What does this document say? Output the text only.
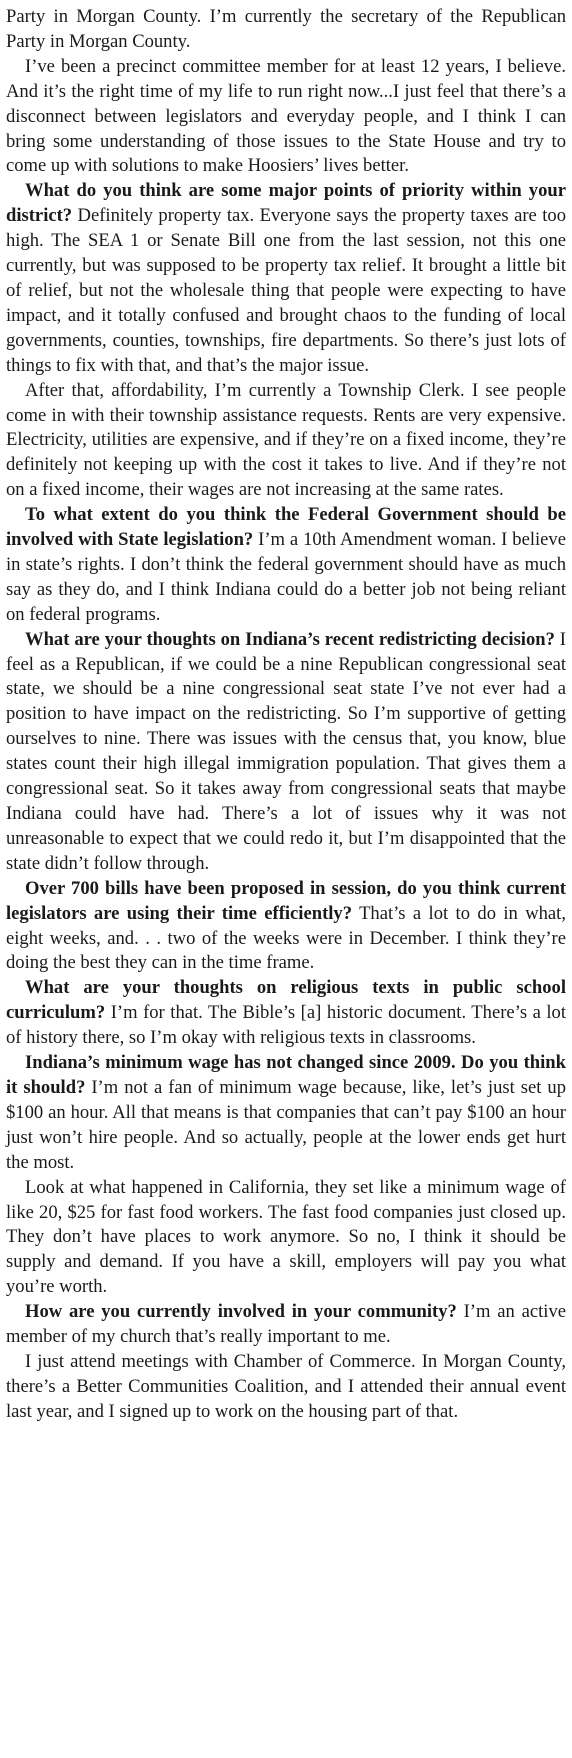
Party in Morgan County. I’m currently the secretary of the Republican Party in Morgan County.

I’ve been a precinct committee member for at least 12 years, I believe. And it’s the right time of my life to run right now...I just feel that there’s a disconnect between legislators and everyday people, and I think I can bring some understanding of those issues to the State House and try to come up with solutions to make Hoosiers’ lives better.

What do you think are some major points of priority within your district? Definitely property tax. Everyone says the property taxes are too high. The SEA 1 or Senate Bill one from the last session, not this one currently, but was supposed to be property tax relief. It brought a little bit of relief, but not the wholesale thing that people were expecting to have impact, and it totally confused and brought chaos to the funding of local governments, counties, townships, fire departments. So there’s just lots of things to fix with that, and that’s the major issue.

After that, affordability, I’m currently a Township Clerk. I see people come in with their township assistance requests. Rents are very expensive. Electricity, utilities are expensive, and if they’re on a fixed income, they’re definitely not keeping up with the cost it takes to live. And if they’re not on a fixed income, their wages are not increasing at the same rates.

To what extent do you think the Federal Government should be involved with State legislation? I’m a 10th Amendment woman. I believe in state’s rights. I don’t think the federal government should have as much say as they do, and I think Indiana could do a better job not being reliant on federal programs.

What are your thoughts on Indiana’s recent redistricting decision? I feel as a Republican, if we could be a nine Republican congressional seat state, we should be a nine congressional seat state I’ve not ever had a position to have impact on the redistricting. So I’m supportive of getting ourselves to nine. There was issues with the census that, you know, blue states count their high illegal immigration population. That gives them a congressional seat. So it takes away from congressional seats that maybe Indiana could have had. There’s a lot of issues why it was not unreasonable to expect that we could redo it, but I’m disappointed that the state didn’t follow through.

Over 700 bills have been proposed in session, do you think current legislators are using their time efficiently? That’s a lot to do in what, eight weeks, and. . . two of the weeks were in December. I think they’re doing the best they can in the time frame.

What are your thoughts on religious texts in public school curriculum? I’m for that. The Bible’s [a] historic document. There’s a lot of history there, so I’m okay with religious texts in classrooms.

Indiana’s minimum wage has not changed since 2009. Do you think it should? I’m not a fan of minimum wage because, like, let’s just set up $100 an hour. All that means is that companies that can’t pay $100 an hour just won’t hire people. And so actually, people at the lower ends get hurt the most.

Look at what happened in California, they set like a minimum wage of like 20, $25 for fast food workers. The fast food companies just closed up. They don’t have places to work anymore. So no, I think it should be supply and demand. If you have a skill, employers will pay you what you’re worth.

How are you currently involved in your community? I’m an active member of my church that’s really important to me.

I just attend meetings with Chamber of Commerce. In Morgan County, there’s a Better Communities Coalition, and I attended their annual event last year, and I signed up to work on the housing part of that.
